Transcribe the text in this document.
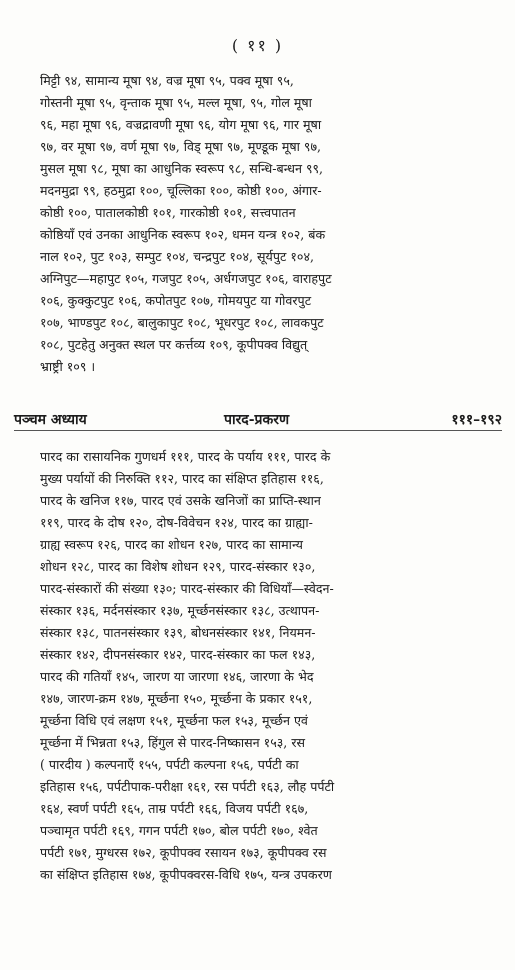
( ११ )
मिट्टी ९४, सामान्य मूषा ९४, वज्र मूषा ९५, पक्व मूषा ९५,
गोस्तनी मूषा ९५, वृन्ताक मूषा ९५, मल्ल मूषा, ९५, गोल मूषा
९६, महा मूषा ९६, वज्रद्रावणी मूषा ९६, योग मूषा ९६, गार मूषा
९७, वर मूषा ९७, वर्ण मूषा ९७, विड् मूषा ९७, मूण्डूक मूषा ९७,
मुसल मूषा ९८, मूषा का आधुनिक स्वरूप ९८, सन्धि-बन्धन ९९,
मदनमुद्रा ९९, हठमुद्रा १००, चूल्लिका १००, कोष्ठी १००, अंगार-
कोष्ठी १००, पातालकोष्ठी १०१, गारकोष्ठी १०१, सत्त्वपातन
कोष्ठियाँ एवं उनका आधुनिक स्वरूप १०२, धमन यन्त्र १०२, बंक
नाल १०२, पुट १०३, सम्पुट १०४, चन्द्रपुट १०४, सूर्यपुट १०४,
अग्निपुट—महापुट १०५, गजपुट १०५, अर्धगजपुट १०६, वाराहपुट
१०६, कुक्कुटपुट १०६, कपोतपुट १०७, गोमयपुट या गोवरपुट
१०७, भाण्डपुट १०८, बालुकापुट १०८, भूधरपुट १०८, लावकपुट
१०८, पुटहेतु अनुक्त स्थल पर कर्त्तव्य १०९, कूपीपक्व विद्युत्
भ्राष्ट्री १०९ ।
पञ्चम अध्याय	पारद-प्रकरण	१११–१९२
पारद का रासायनिक गुणधर्म १११, पारद के पर्याय १११, पारद के
मुख्य पर्यायों की निरुक्ति ११२, पारद का संक्षिप्त इतिहास ११६,
पारद के खनिज ११७, पारद एवं उसके खनिजों का प्राप्ति-स्थान
११९, पारद के दोष १२०, दोष-विवेचन १२४, पारद का ग्राह्या-
ग्राह्य स्वरूप १२६, पारद का शोधन १२७, पारद का सामान्य
शोधन १२८, पारद का विशेष शोधन १२९, पारद-संस्कार १३०,
पारद-संस्कारों की संख्या १३०; पारद-संस्कार की विधियाँ—स्वेदन-
संस्कार १३६, मर्दनसंस्कार १३७, मूर्च्छनसंस्कार १३८, उत्थापन-
संस्कार १३८, पातनसंस्कार १३९, बोधनसंस्कार १४१, नियमन-
संस्कार १४२, दीपनसंस्कार १४२, पारद-संस्कार का फल १४३,
पारद की गतियाँ १४५, जारण या जारणा १४६, जारणा के भेद
१४७, जारण-क्रम १४७, मूर्च्छना १५०, मूर्च्छना के प्रकार १५१,
मूर्च्छना विधि एवं लक्षण १५१, मूर्च्छना फल १५३, मूर्च्छन एवं
मूर्च्छना में भिन्नता १५३, हिंगुल से पारद-निष्कासन १५३, रस
( पारदीय ) कल्पनाएँ १५५, पर्पटी कल्पना १५६, पर्पटी का
इतिहास १५६, पर्पटीपाक-परीक्षा १६१, रस पर्पटी १६३, लौह पर्पटी
१६४, स्वर्ण पर्पटी १६५, ताम्र पर्पटी १६६, विजय पर्पटी १६७,
पञ्चामृत पर्पटी १६९, गगन पर्पटी १७०, बोल पर्पटी १७०, श्वेत
पर्पटी १७१, मुग्धरस १७२, कूपीपक्व रसायन १७३, कूपीपक्व रस
का संक्षिप्त इतिहास १७४, कूपीपक्वरस-विधि १७५, यन्त्र उपकरण
